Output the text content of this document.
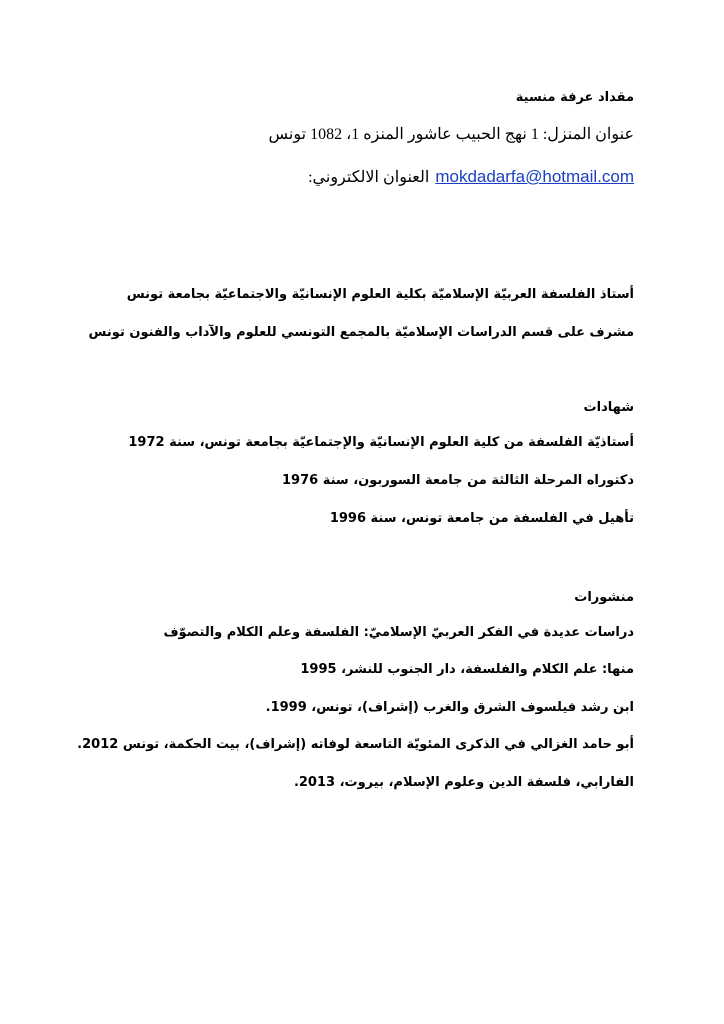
مقداد عرفة منسية
عنوان المنزل: 1 نهج الحبيب عاشور المنزه 1، 1082 تونس
العنوان الالكتروني: mokdadarfa@hotmail.com
أستاذ الفلسفة العربيّة الإسلاميّة بكلية العلوم الإنسانيّة والاجتماعيّة بجامعة تونس
مشرف على قسم الدراسات الإسلاميّة بالمجمع التونسي للعلوم والآداب والفنون تونس
شهادات
أستاذيّة الفلسفة من كلية العلوم الإنسانيّة والإجتماعيّة بجامعة تونس، سنة 1972
دكتوراه المرحلة الثالثة من جامعة السوربون، سنة 1976
تأهيل في الفلسفة من جامعة تونس، سنة 1996
منشورات
دراسات عديدة في الفكر العربيّ الإسلاميّ: الفلسفة وعلم الكلام والتصوّف
منها: علم الكلام والفلسفة، دار الجنوب للنشر، 1995
ابن رشد فيلسوف الشرق والغرب (إشراف)، تونس، 1999.
أبو حامد الغزالي في الذكرى المئويّة التاسعة لوفاته (إشراف)، بيت الحكمة، تونس 2012.
الفارابي، فلسفة الدين وعلوم الإسلام، بيروت، 2013.
